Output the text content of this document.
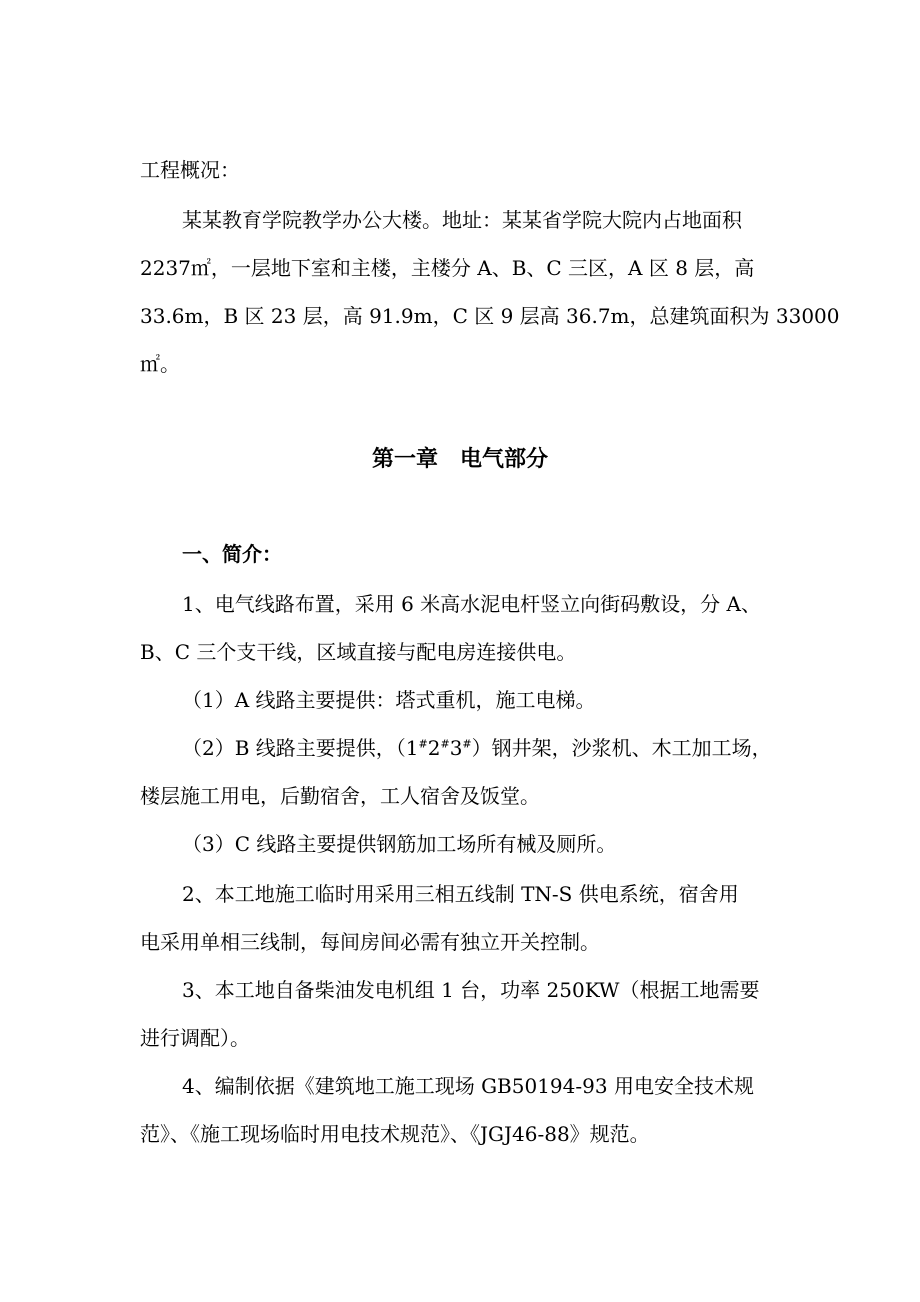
工程概况：
某某教育学院教学办公大楼。地址：某某省学院大院内占地面积
2237㎡，一层地下室和主楼，主楼分 A、B、C 三区，A 区 8 层，高
33.6m，B 区 23 层，高 91.9m，C 区 9 层高 36.7m，总建筑面积为 33000
㎡。
第一章　电气部分
一、简介：
1、电气线路布置，采用 6 米高水泥电杆竖立向街码敷设，分 A、
B、C 三个支干线，区域直接与配电房连接供电。
（1）A 线路主要提供：塔式重机，施工电梯。
（2）B 线路主要提供，（1#2#3#）钢井架，沙浆机、木工加工场，
楼层施工用电，后勤宿舍，工人宿舍及饭堂。
（3）C 线路主要提供钢筋加工场所有械及厕所。
2、本工地施工临时用采用三相五线制 TN-S 供电系统，宿舍用
电采用单相三线制，每间房间必需有独立开关控制。
3、本工地自备柴油发电机组 1 台，功率 250KW（根据工地需要
进行调配）。
4、编制依据《建筑地工施工现场 GB50194-93 用电安全技术规
范》、《施工现场临时用电技术规范》、《JGJ46-88》规范。
